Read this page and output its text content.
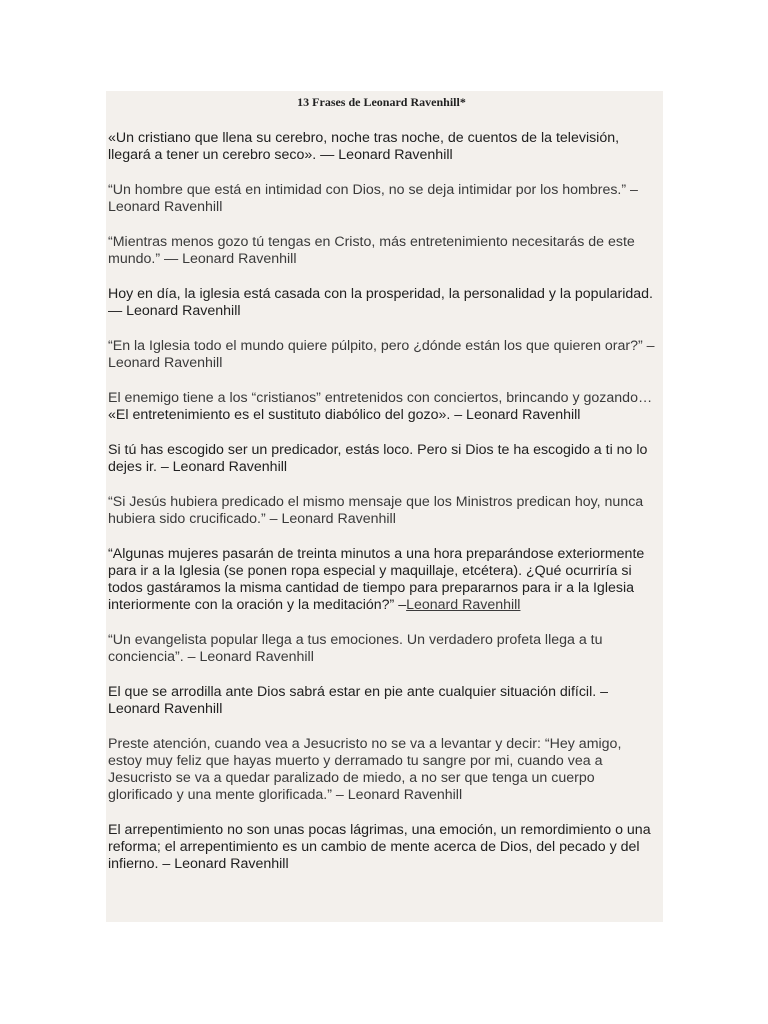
13 Frases de Leonard Ravenhill*

«Un cristiano que llena su cerebro, noche tras noche, de cuentos de la televisión, llegará a tener un cerebro seco». — Leonard Ravenhill

“Un hombre que está en intimidad con Dios, no se deja intimidar por los hombres.” – Leonard Ravenhill

“Mientras menos gozo tú tengas en Cristo, más entretenimiento necesitarás de este mundo.” — Leonard Ravenhill

Hoy en día, la iglesia está casada con la prosperidad, la personalidad y la popularidad.— Leonard Ravenhill

“En la Iglesia todo el mundo quiere púlpito, pero ¿dónde están los que quieren orar?” – Leonard Ravenhill

El enemigo tiene a los “cristianos” entretenidos con conciertos, brincando y gozando…

«El entretenimiento es el sustituto diabólico del gozo». – Leonard Ravenhill

Si tú has escogido ser un predicador, estás loco. Pero si Dios te ha escogido a ti no lo dejes ir. – Leonard Ravenhill

“Si Jesús hubiera predicado el mismo mensaje que los Ministros predican hoy, nunca hubiera sido crucificado.” – Leonard Ravenhill

“Algunas mujeres pasarán de treinta minutos a una hora preparándose exteriormente para ir a la Iglesia (se ponen ropa especial y maquillaje, etcétera). ¿Qué ocurriría si todos gastáramos la misma cantidad de tiempo para prepararnos para ir a la Iglesia interiormente con la oración y la meditación?” –Leonard Ravenhill

“Un evangelista popular llega a tus emociones. Un verdadero profeta llega a tu conciencia”. – Leonard Ravenhill

El que se arrodilla ante Dios sabrá estar en pie ante cualquier situación difícil. – Leonard Ravenhill

Preste atención, cuando vea a Jesucristo no se va a levantar y decir: “Hey amigo, estoy muy feliz que hayas muerto y derramado tu sangre por mi, cuando vea a Jesucristo se va a quedar paralizado de miedo, a no ser que tenga un cuerpo glorificado y una mente glorificada.” – Leonard Ravenhill

El arrepentimiento no son unas pocas lágrimas, una emoción, un remordimiento o una reforma; el arrepentimiento es un cambio de mente acerca de Dios, del pecado y del infierno. – Leonard Ravenhill
